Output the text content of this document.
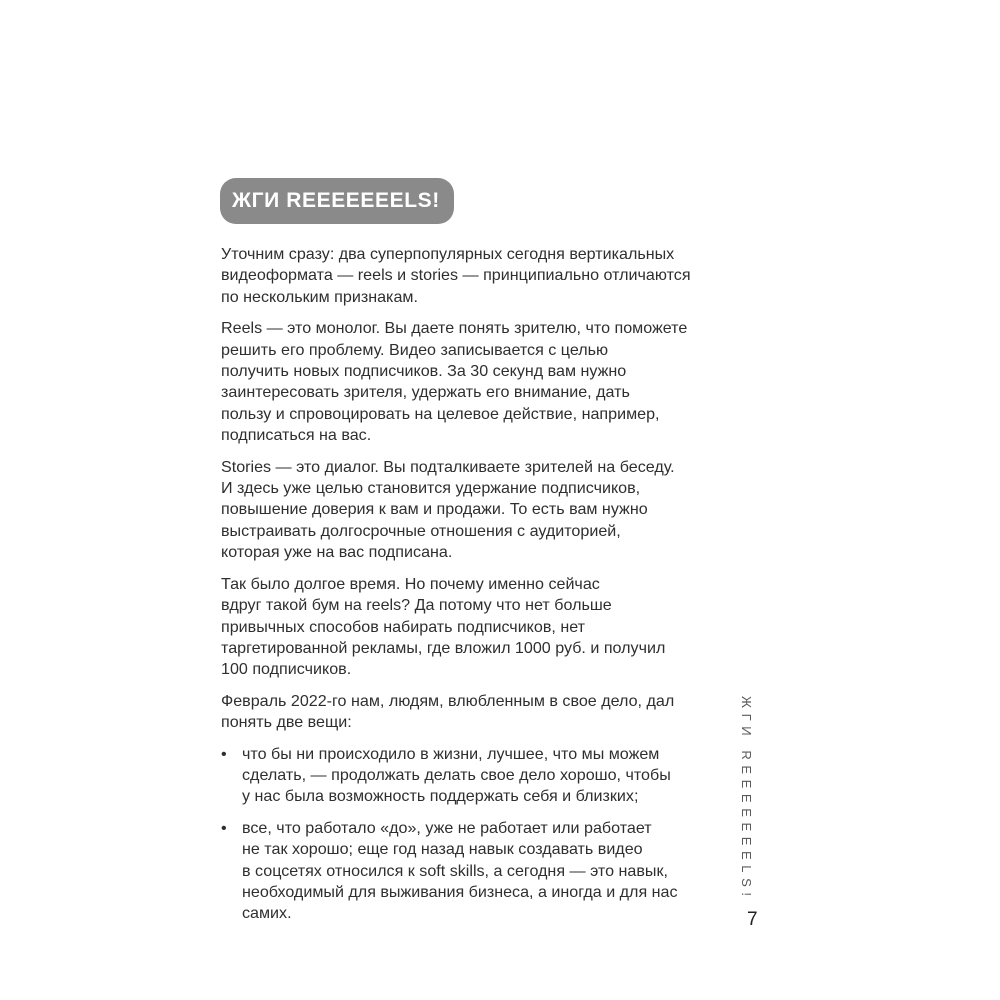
ЖГИ REEEEEEELS!

Уточним сразу: два суперпопулярных сегодня вертикальных
видеоформата — reels и stories — принципиально отличаются
по нескольким признакам.

Reels — это монолог. Вы даете понять зрителю, что поможете
решить его проблему. Видео записывается с целью
получить новых подписчиков. За 30 секунд вам нужно
заинтересовать зрителя, удержать его внимание, дать
пользу и спровоцировать на целевое действие, например,
подписаться на вас.

Stories — это диалог. Вы подталкиваете зрителей на беседу.
И здесь уже целью становится удержание подписчиков,
повышение доверия к вам и продажи. То есть вам нужно
выстраивать долгосрочные отношения с аудиторией,
которая уже на вас подписана.

Так было долгое время. Но почему именно сейчас
вдруг такой бум на reels? Да потому что нет больше
привычных способов набирать подписчиков, нет
таргетированной рекламы, где вложил 1000 руб. и получил
100 подписчиков.

Февраль 2022-го нам, людям, влюбленным в свое дело, дал
понять две вещи:

• что бы ни происходило в жизни, лучшее, что мы можем
сделать, — продолжать делать свое дело хорошо, чтобы
у нас была возможность поддержать себя и близких;
• все, что работало «до», уже не работает или работает
не так хорошо; еще год назад навык создавать видео
в соцсетях относился к soft skills, а сегодня — это навык,
необходимый для выживания бизнеса, а иногда и для нас
самих.
ЖГИ REEEEEEELS!
7
